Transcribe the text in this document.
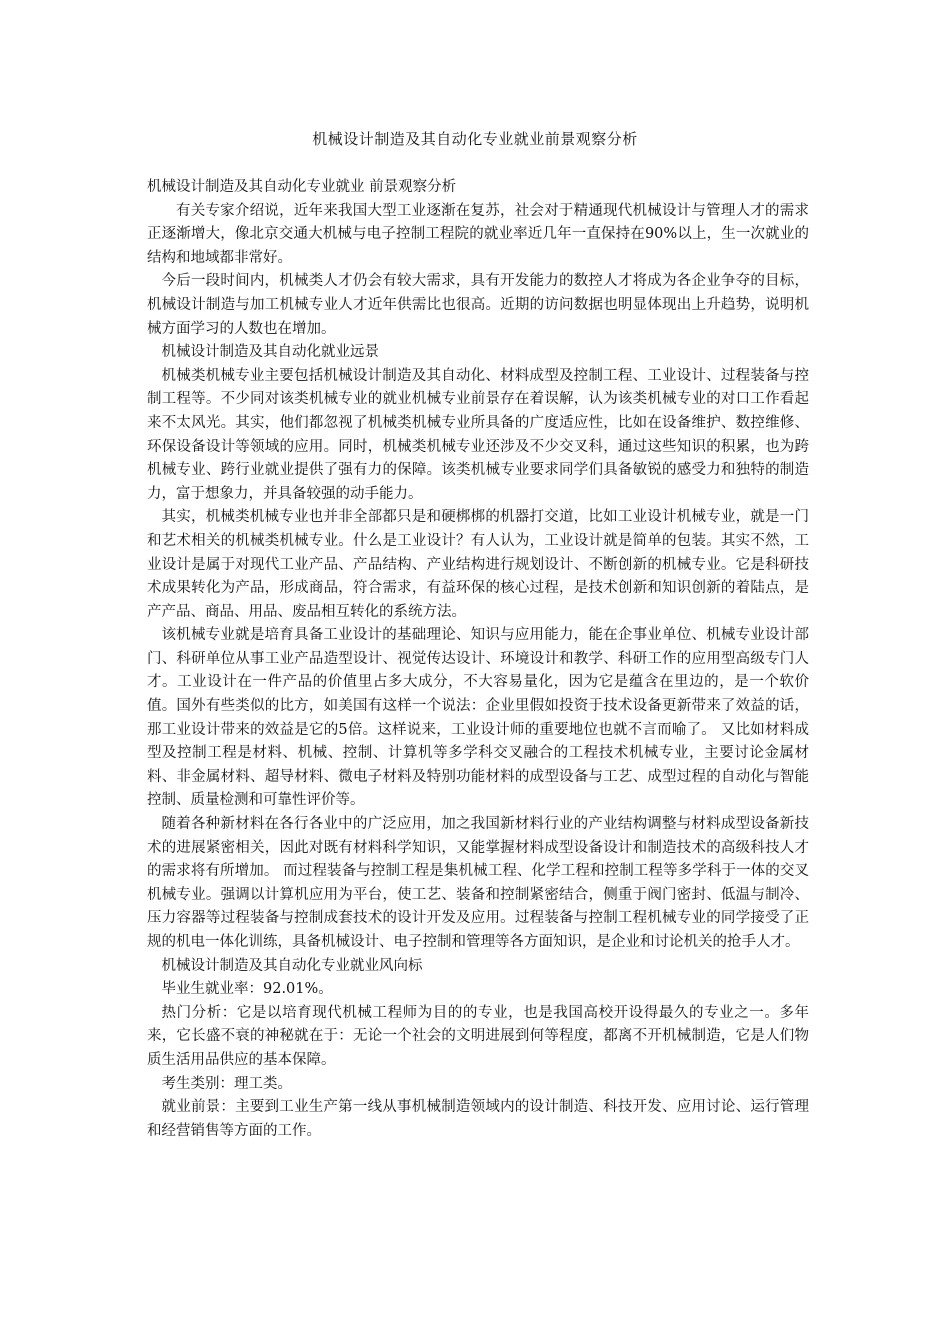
机械设计制造及其自动化专业就业前景观察分析

机械设计制造及其自动化专业就业 前景观察分析

有关专家介绍说，近年来我国大型工业逐渐在复苏，社会对于精通现代机械设计与管理人才的需求正逐渐增大，像北京交通大机械与电子控制工程院的就业率近几年一直保持在90%以上，生一次就业的结构和地域都非常好。

今后一段时间内，机械类人才仍会有较大需求，具有开发能力的数控人才将成为各企业争夺的目标，机械设计制造与加工机械专业人才近年供需比也很高。近期的访问数据也明显体现出上升趋势，说明机械方面学习的人数也在增加。

机械设计制造及其自动化就业远景

机械类机械专业主要包括机械设计制造及其自动化、材料成型及控制工程、工业设计、过程装备与控制工程等。不少同对该类机械专业的就业机械专业前景存在着误解，认为该类机械专业的对口工作看起来不太风光。其实，他们都忽视了机械类机械专业所具备的广度适应性，比如在设备维护、数控维修、环保设备设计等领域的应用。同时，机械类机械专业还涉及不少交叉科，通过这些知识的积累，也为跨机械专业、跨行业就业提供了强有力的保障。该类机械专业要求同学们具备敏锐的感受力和独特的制造力，富于想象力，并具备较强的动手能力。

其实，机械类机械专业也并非全部都只是和硬梆梆的机器打交道，比如工业设计机械专业，就是一门和艺术相关的机械类机械专业。什么是工业设计？有人认为，工业设计就是简单的包装。其实不然，工业设计是属于对现代工业产品、产品结构、产业结构进行规划设计、不断创新的机械专业。它是科研技术成果转化为产品，形成商品，符合需求，有益环保的核心过程，是技术创新和知识创新的着陆点，是产产品、商品、用品、废品相互转化的系统方法。

该机械专业就是培育具备工业设计的基础理论、知识与应用能力，能在企事业单位、机械专业设计部门、科研单位从事工业产品造型设计、视觉传达设计、环境设计和教学、科研工作的应用型高级专门人才。工业设计在一件产品的价值里占多大成分，不大容易量化，因为它是蕴含在里边的，是一个软价值。国外有些类似的比方，如美国有这样一个说法：企业里假如投资于技术设备更新带来了效益的话，那工业设计带来的效益是它的5倍。这样说来，工业设计师的重要地位也就不言而喻了。 又比如材料成型及控制工程是材料、机械、控制、计算机等多学科交叉融合的工程技术机械专业，主要讨论金属材料、非金属材料、超导材料、微电子材料及特别功能材料的成型设备与工艺、成型过程的自动化与智能控制、质量检测和可靠性评价等。

随着各种新材料在各行各业中的广泛应用，加之我国新材料行业的产业结构调整与材料成型设备新技术的进展紧密相关，因此对既有材料科学知识，又能掌握材料成型设备设计和制造技术的高级科技人才的需求将有所增加。 而过程装备与控制工程是集机械工程、化学工程和控制工程等多学科于一体的交叉机械专业。强调以计算机应用为平台，使工艺、装备和控制紧密结合，侧重于阀门密封、低温与制冷、压力容器等过程装备与控制成套技术的设计开发及应用。过程装备与控制工程机械专业的同学接受了正规的机电一体化训练，具备机械设计、电子控制和管理等各方面知识，是企业和讨论机关的抢手人才。

机械设计制造及其自动化专业就业风向标

毕业生就业率：92.01%。

热门分析：它是以培育现代机械工程师为目的的专业，也是我国高校开设得最久的专业之一。多年来，它长盛不衰的神秘就在于：无论一个社会的文明进展到何等程度，都离不开机械制造，它是人们物质生活用品供应的基本保障。

考生类别：理工类。

就业前景：主要到工业生产第一线从事机械制造领域内的设计制造、科技开发、应用讨论、运行管理和经营销售等方面的工作。
